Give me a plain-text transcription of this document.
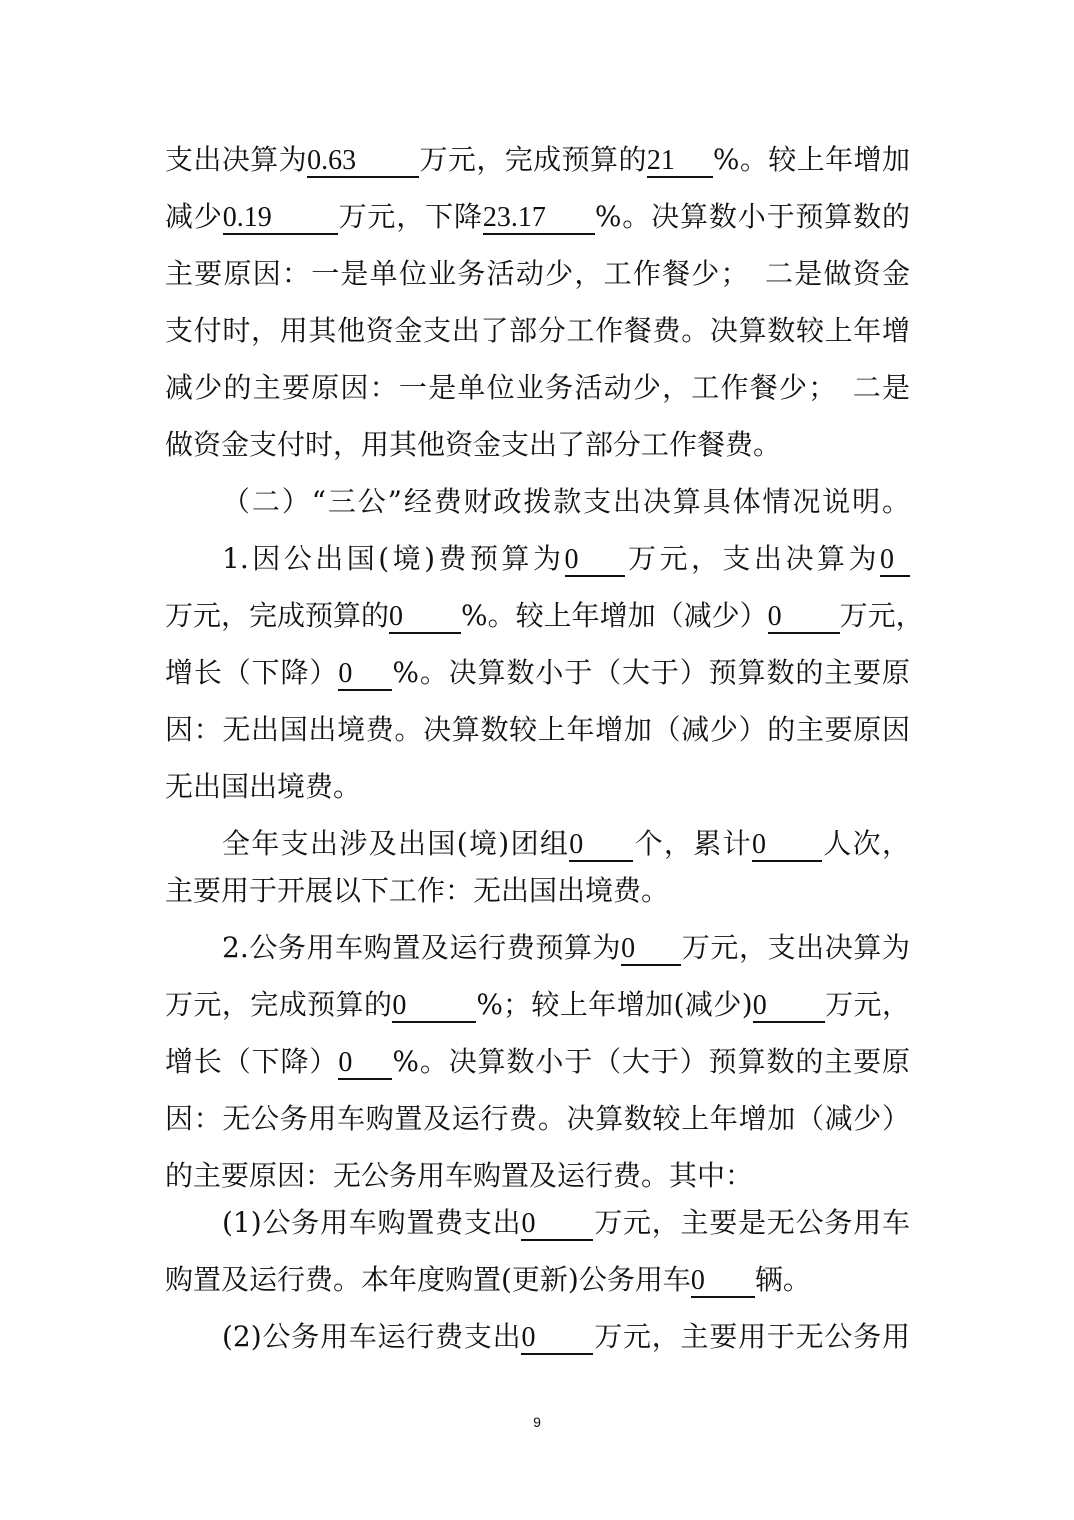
支出决算为0.63 万元，完成预算的21 %。较上年增加
减少0.19 万元，下降23.17 %。决算数小于预算数的
主要原因：一是单位业务活动少，工作餐少；　二是做资金
支付时，用其他资金支出了部分工作餐费。决算数较上年增
减少的主要原因：一是单位业务活动少，工作餐少；　二是
做资金支付时，用其他资金支出了部分工作餐费。
（二）“三公”经费财政拨款支出决算具体情况说明。
1.因公出国(境)费预算为0 万元，支出决算为0
万元，完成预算的0 %。较上年增加（减少）0 万元，
增长（下降）0 %。决算数小于（大于）预算数的主要原
因：无出国出境费。决算数较上年增加（减少）的主要原因
无出国出境费。
全年支出涉及出国(境)团组0 个，累计0 人次，
主要用于开展以下工作：无出国出境费。
2.公务用车购置及运行费预算为0 万元，支出决算为
万元，完成预算的0	%；较上年增加(减少)0 万元，
增长（下降）0 %。决算数小于（大于）预算数的主要原
因：无公务用车购置及运行费。决算数较上年增加（减少）
的主要原因：无公务用车购置及运行费。其中：
(1)公务用车购置费支出0 万元，主要是无公务用车
购置及运行费。本年度购置(更新)公务用车0 辆。
(2)公务用车运行费支出0 万元，主要用于无公务用
9
